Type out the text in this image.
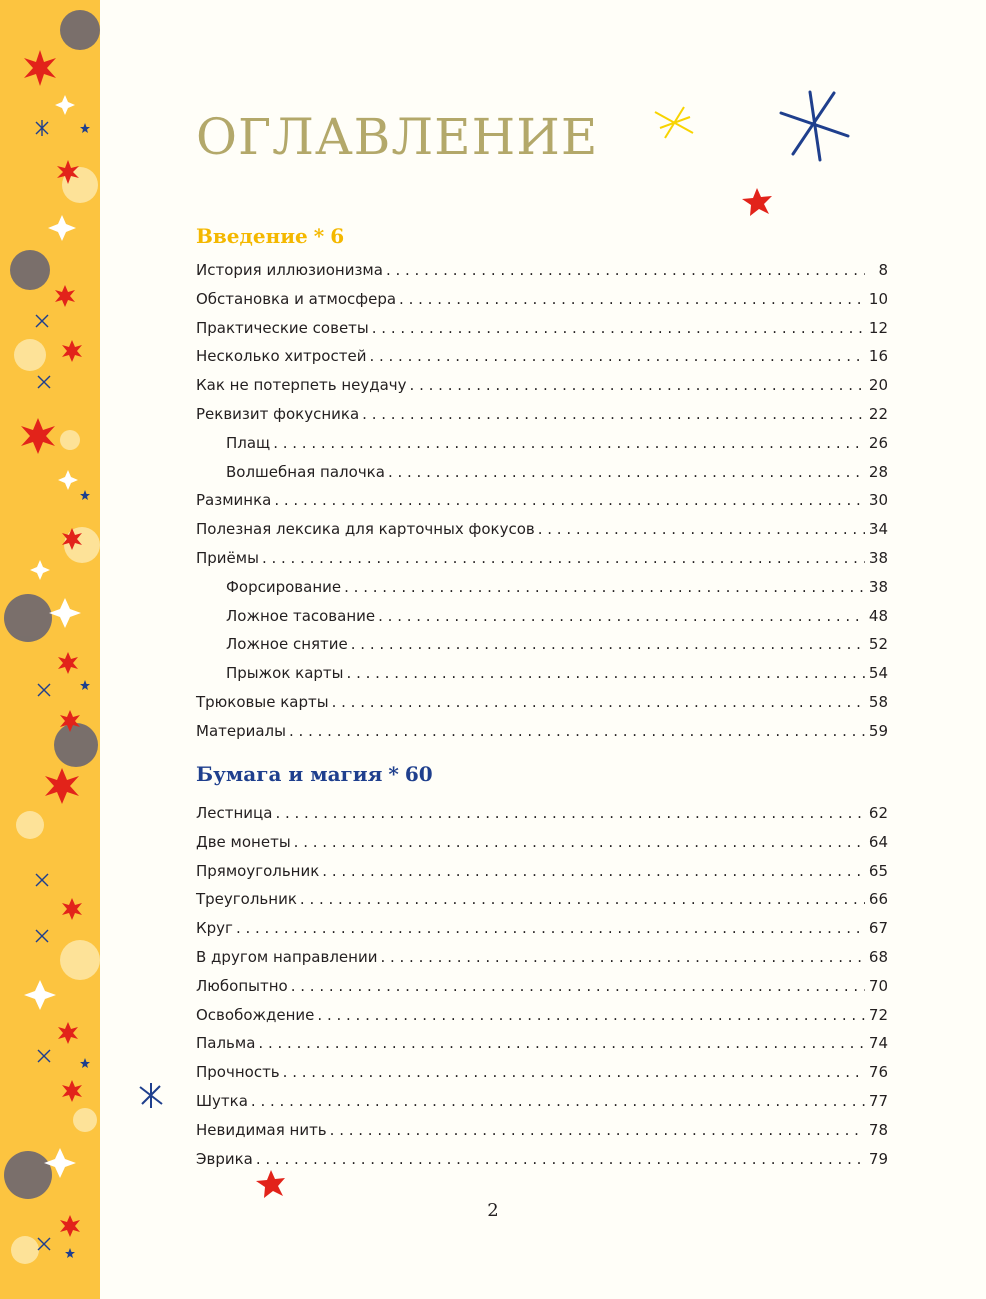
ОГЛАВЛЕНИЕ
Введение * 6
История иллюзионизма . . .	8
Обстановка и атмосфера . . .	10
Практические советы . . .	12
Несколько хитростей . . .	16
Как не потерпеть неудачу . . .	20
Реквизит фокусника . . .	22
Плащ . . .	26
Волшебная палочка . . .	28
Разминка . . .	30
Полезная лексика для карточных фокусов . . .	34
Приёмы . . .	38
Форсирование . . .	38
Ложное тасование . . .	48
Ложное снятие . . .	52
Прыжок карты . . .	54
Трюковые карты . . .	58
Материалы . . .	59
Бумага и магия * 60
Лестница . . .	62
Две монеты . . .	64
Прямоугольник . . .	65
Треугольник . . .	66
Круг . . .	67
В другом направлении . . .	68
Любопытно . . .	70
Освобождение . . .	72
Пальма . . .	74
Прочность . . .	76
Шутка . . .	77
Невидимая нить . . .	78
Эврика . . .	79
2
